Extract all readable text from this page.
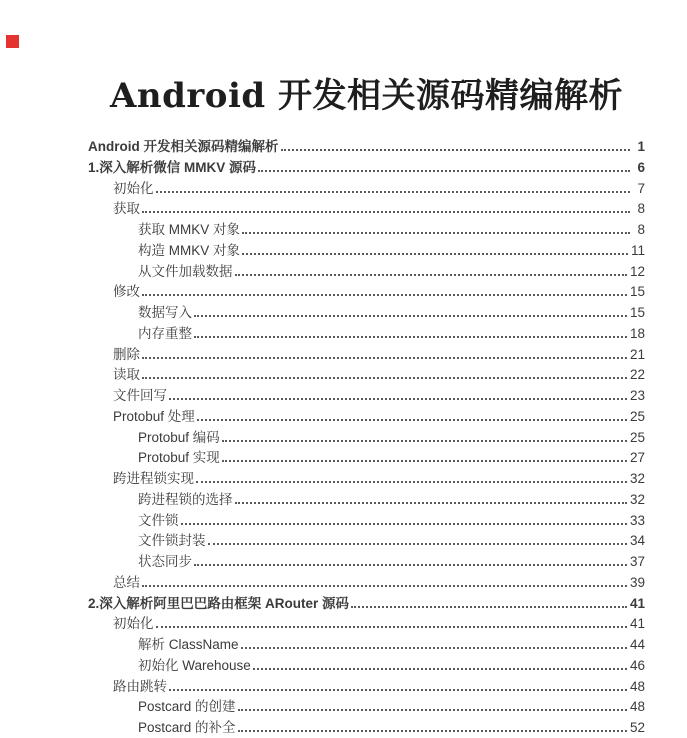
Android 开发相关源码精编解析
Android 开发相关源码精编解析	1
1.深入解析微信 MMKV 源码	6
初始化	7
获取	8
获取 MMKV 对象	8
构造 MMKV 对象	11
从文件加载数据	12
修改	15
数据写入	15
内存重整	18
删除	21
读取	22
文件回写	23
Protobuf 处理	25
Protobuf 编码	25
Protobuf 实现	27
跨进程锁实现	32
跨进程锁的选择	32
文件锁	33
文件锁封装	34
状态同步	37
总结	39
2.深入解析阿里巴巴路由框架 ARouter 源码	41
初始化	41
解析 ClassName	44
初始化 Warehouse	46
路由跳转	48
Postcard 的创建	48
Postcard 的补全	52
